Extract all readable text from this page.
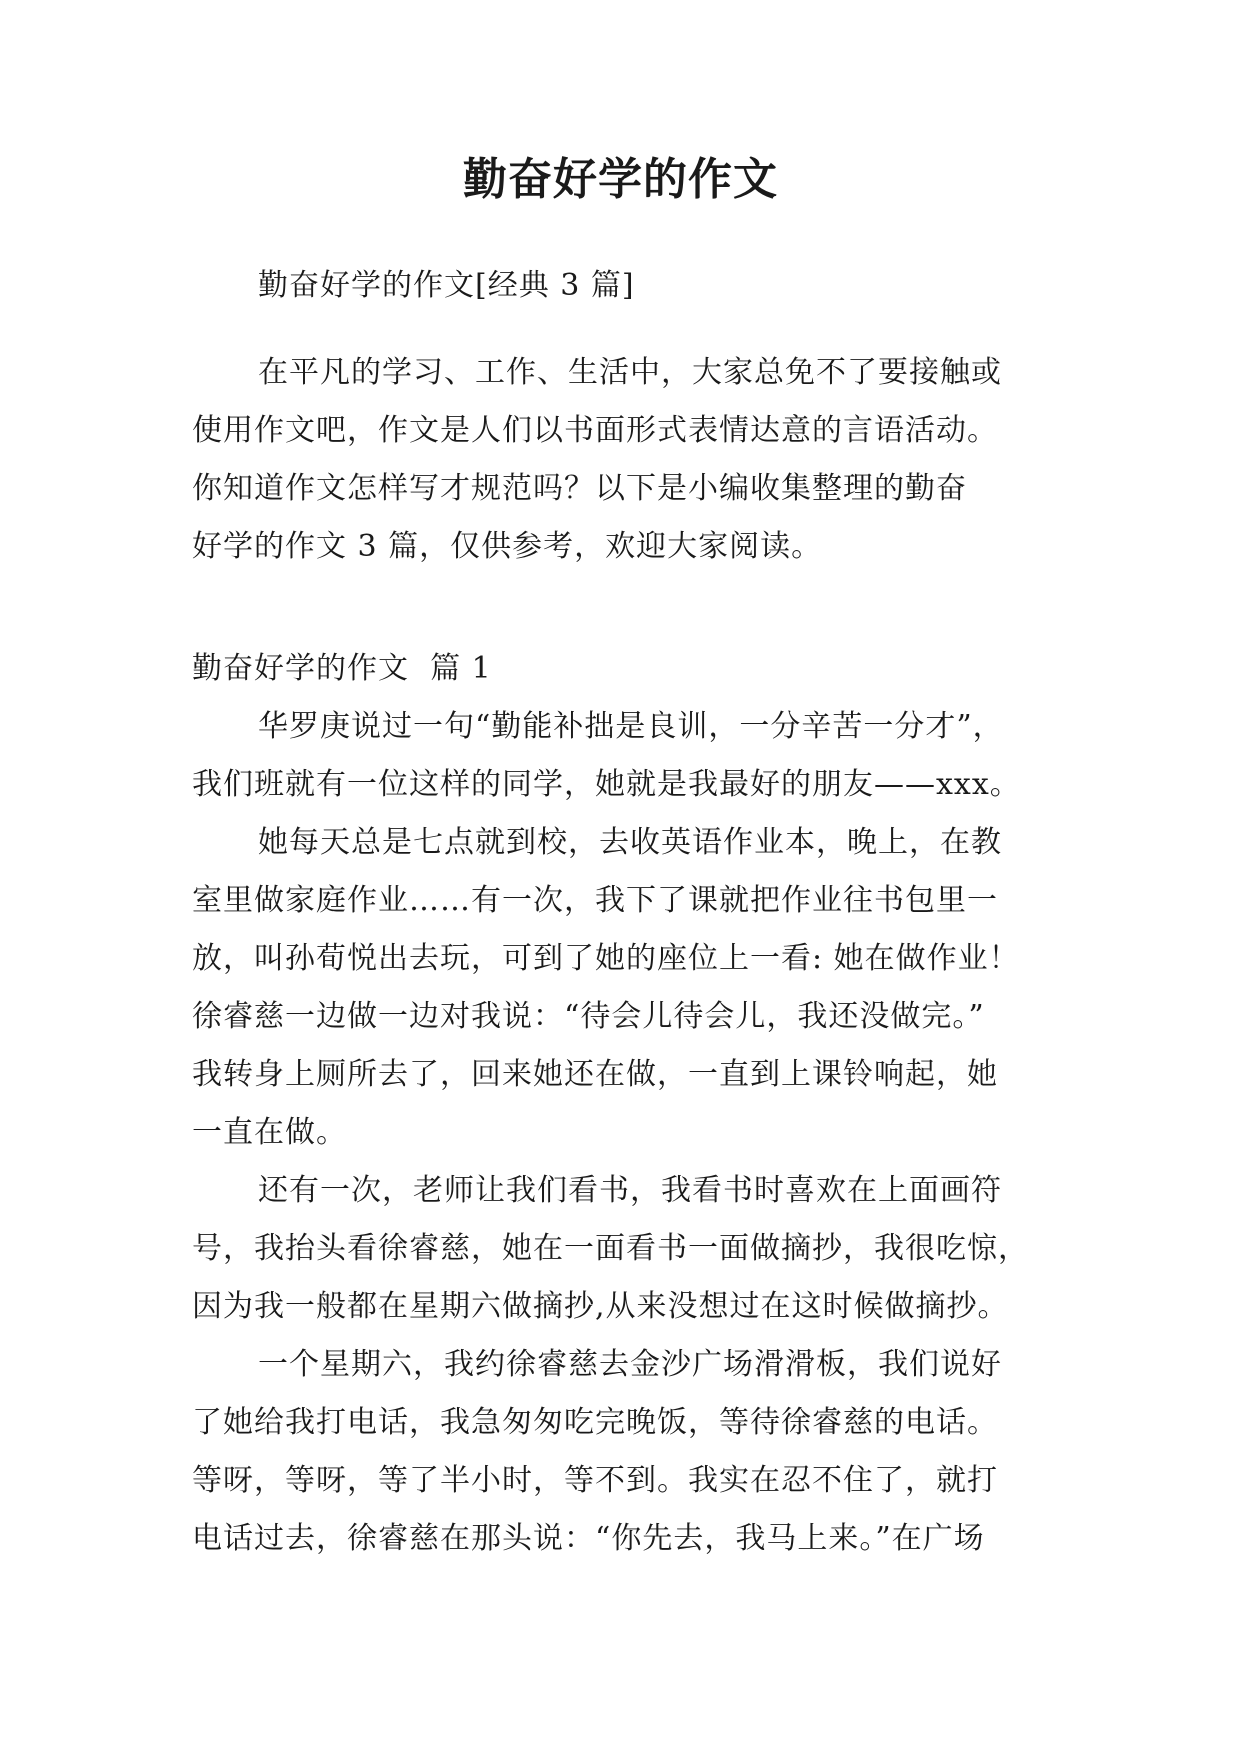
勤奋好学的作文

勤奋好学的作文[经典 3 篇]

在平凡的学习、工作、生活中，大家总免不了要接触或
使用作文吧，作文是人们以书面形式表情达意的言语活动。
你知道作文怎样写才规范吗？以下是小编收集整理的勤奋
好学的作文 3 篇，仅供参考，欢迎大家阅读。

勤奋好学的作文  篇 1

华罗庚说过一句“勤能补拙是良训，一分辛苦一分才”，
我们班就有一位这样的同学，她就是我最好的朋友——xxx。
她每天总是七点就到校，去收英语作业本，晚上，在教
室里做家庭作业……有一次，我下了课就把作业往书包里一
放，叫孙荀悦出去玩，可到了她的座位上一看: 她在做作业！
徐睿慈一边做一边对我说：“待会儿待会儿，我还没做完。”
我转身上厕所去了，回来她还在做，一直到上课铃响起，她
一直在做。
还有一次，老师让我们看书，我看书时喜欢在上面画符
号，我抬头看徐睿慈，她在一面看书一面做摘抄，我很吃惊，
因为我一般都在星期六做摘抄,从来没想过在这时候做摘抄。
一个星期六，我约徐睿慈去金沙广场滑滑板，我们说好
了她给我打电话，我急匆匆吃完晚饭，等待徐睿慈的电话。
等呀，等呀，等了半小时，等不到。我实在忍不住了，就打
电话过去，徐睿慈在那头说：“你先去，我马上来。”在广场
